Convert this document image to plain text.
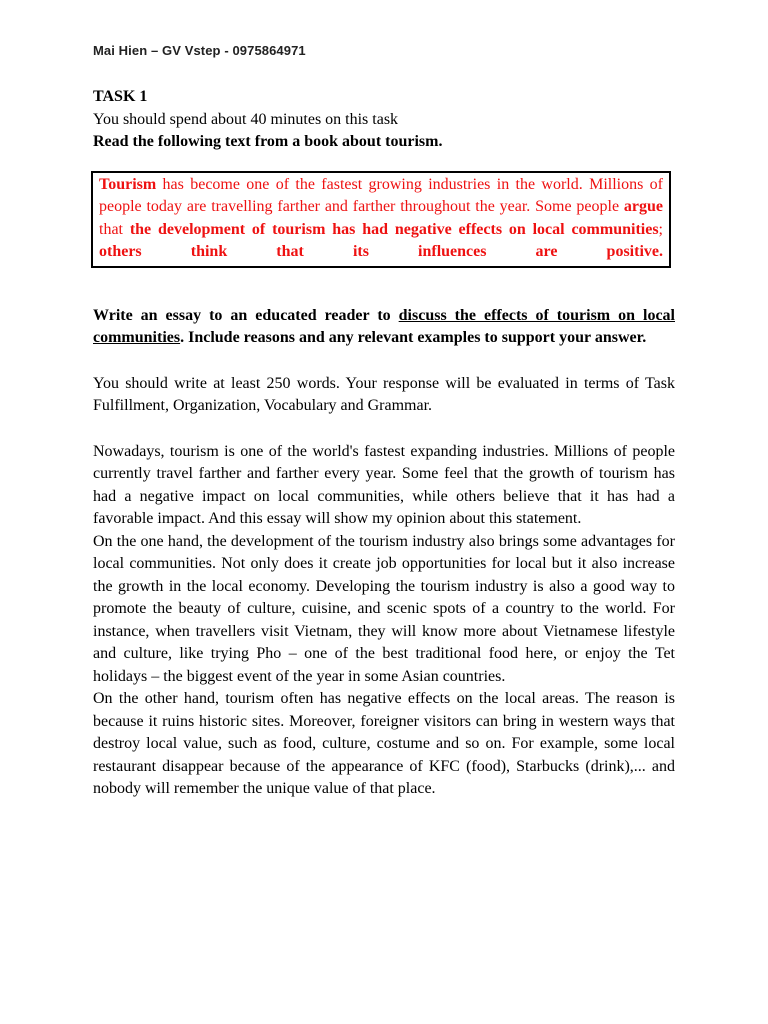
Mai Hien – GV Vstep - 0975864971

TASK 1

You should spend about 40 minutes on this task

Read the following text from a book about tourism.

Tourism has become one of the fastest growing industries in the world. Millions of people today are travelling farther and farther throughout the year. Some people argue that the development of tourism has had negative effects on local communities; others think that its influences are positive.

Write an essay to an educated reader to discuss the effects of tourism on local communities. Include reasons and any relevant examples to support your answer.

You should write at least 250 words. Your response will be evaluated in terms of Task Fulfillment, Organization, Vocabulary and Grammar.

Nowadays, tourism is one of the world's fastest expanding industries. Millions of people currently travel farther and farther every year. Some feel that the growth of tourism has had a negative impact on local communities, while others believe that it has had a favorable impact. And this essay will show my opinion about this statement.

On the one hand, the development of the tourism industry also brings some advantages for local communities. Not only does it create job opportunities for local but it also increase the growth in the local economy. Developing the tourism industry is also a good way to promote the beauty of culture, cuisine, and scenic spots of a country to the world. For instance, when travellers visit Vietnam, they will know more about Vietnamese lifestyle and culture, like trying Pho – one of the best traditional food here, or enjoy the Tet holidays – the biggest event of the year in some Asian countries.

On the other hand, tourism often has negative effects on the local areas. The reason is because it ruins historic sites. Moreover, foreigner visitors can bring in western ways that destroy local value, such as food, culture, costume and so on. For example, some local restaurant disappear because of the appearance of KFC (food), Starbucks (drink),... and nobody will remember the unique value of that place.
